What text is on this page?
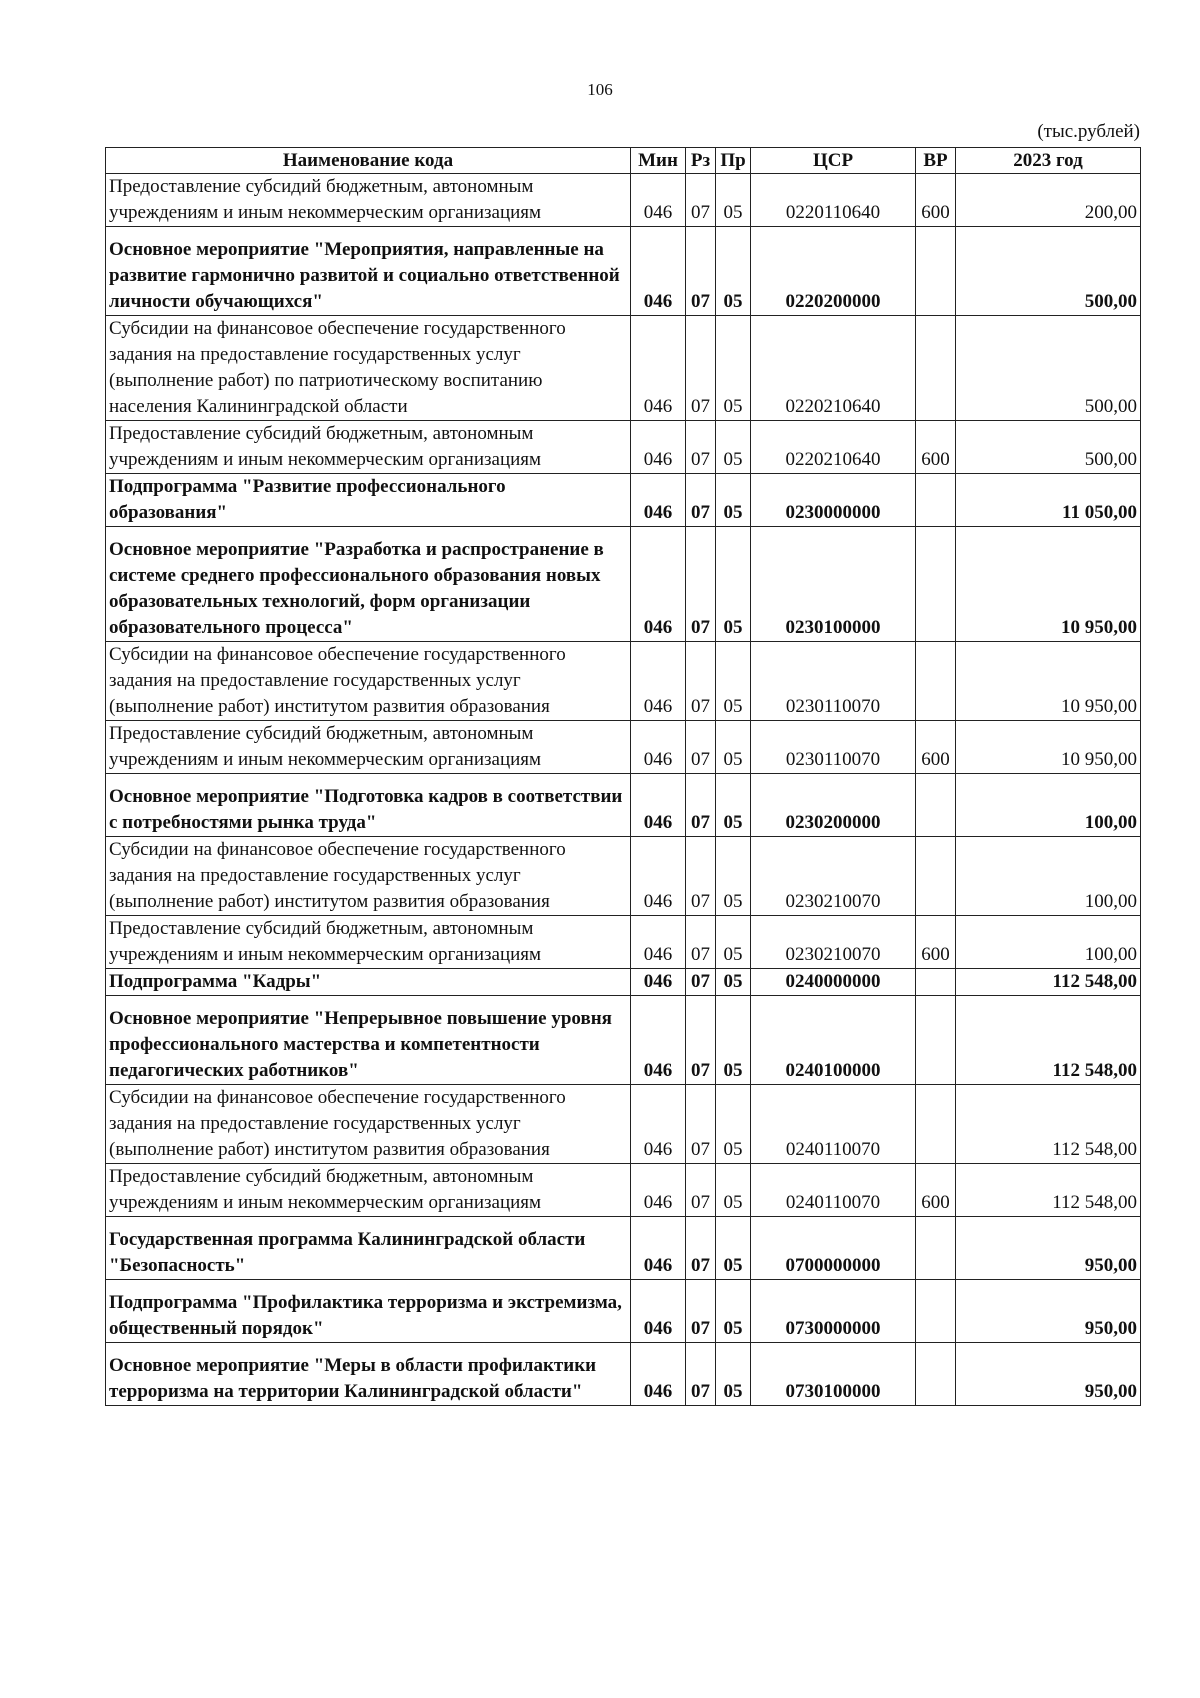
106
(тыс.рублей)
Наименование кода	Мин	Рз	Пр	ЦСР	ВР	2023 год
Предоставление субсидий бюджетным, автономным учреждениям и иным некоммерческим организациям	046	07	05	0220110640	600	200,00
Основное мероприятие "Мероприятия, направленные на развитие гармонично развитой и социально ответственной личности обучающихся"	046	07	05	0220200000		500,00
Субсидии на финансовое обеспечение государственного задания на предоставление государственных услуг (выполнение работ) по патриотическому воспитанию населения Калининградской области	046	07	05	0220210640		500,00
Предоставление субсидий бюджетным, автономным учреждениям и иным некоммерческим организациям	046	07	05	0220210640	600	500,00
Подпрограмма "Развитие профессионального образования"	046	07	05	0230000000		11 050,00
Основное мероприятие "Разработка и распространение в системе среднего профессионального образования новых образовательных технологий, форм организации образовательного процесса"	046	07	05	0230100000		10 950,00
Субсидии на финансовое обеспечение государственного задания на предоставление государственных услуг (выполнение работ) институтом развития образования	046	07	05	0230110070		10 950,00
Предоставление субсидий бюджетным, автономным учреждениям и иным некоммерческим организациям	046	07	05	0230110070	600	10 950,00
Основное мероприятие "Подготовка кадров в соответствии с потребностями рынка труда"	046	07	05	0230200000		100,00
Субсидии на финансовое обеспечение государственного задания на предоставление государственных услуг (выполнение работ) институтом развития образования	046	07	05	0230210070		100,00
Предоставление субсидий бюджетным, автономным учреждениям и иным некоммерческим организациям	046	07	05	0230210070	600	100,00
Подпрограмма "Кадры"	046	07	05	0240000000		112 548,00
Основное мероприятие "Непрерывное повышение уровня профессионального мастерства и компетентности педагогических работников"	046	07	05	0240100000		112 548,00
Субсидии на финансовое обеспечение государственного задания на предоставление государственных услуг (выполнение работ) институтом развития образования	046	07	05	0240110070		112 548,00
Предоставление субсидий бюджетным, автономным учреждениям и иным некоммерческим организациям	046	07	05	0240110070	600	112 548,00
Государственная программа Калининградской области "Безопасность"	046	07	05	0700000000		950,00
Подпрограмма "Профилактика терроризма и экстремизма, общественный порядок"	046	07	05	0730000000		950,00
Основное мероприятие "Меры в области профилактики терроризма на территории Калининградской области"	046	07	05	0730100000		950,00
